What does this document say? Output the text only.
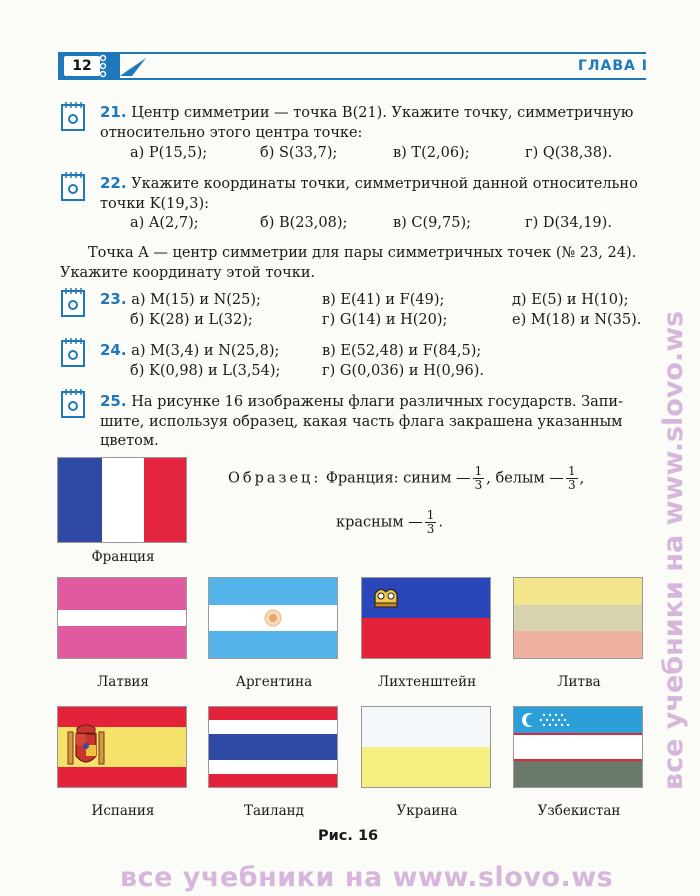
12	ГЛАВА I
21. Центр симметрии — точка B(21). Укажите точку, симметричную
относительно этого центра точке:
а) P(15,5);	б) S(33,7);	в) T(2,06);	г) Q(38,38).
22. Укажите координаты точки, симметричной данной относительно
точки K(19,3):
а) A(2,7);	б) B(23,08);	в) C(9,75);	г) D(34,19).
Точка A — центр симметрии для пары симметричных точек (№ 23, 24).
Укажите координату этой точки.
23. а) M(15) и N(25);	в) E(41) и F(49);	д) E(5) и H(10);
б) K(28) и L(32);	г) G(14) и H(20);	е) M(18) и N(35).
24. а) M(3,4) и N(25,8);	в) E(52,48) и F(84,5);
б) K(0,98) и L(3,54);	г) G(0,036) и H(0,96).
25. На рисунке 16 изображены флаги различных государств. Запи-
шите, используя образец, какая часть флага закрашена указанным
цветом.
Франция
Образец: Франция: синим — $\frac{1}{3}$ , белым — $\frac{1}{3}$ ,
красным — $\frac{1}{3}$ .
Латвия	Аргентина	Лихтенштейн	Литва
Испания	Таиланд	Украина	Узбекистан
Рис. 16
все учебники на www.slovo.ws
все учебники на www.slovo.ws
